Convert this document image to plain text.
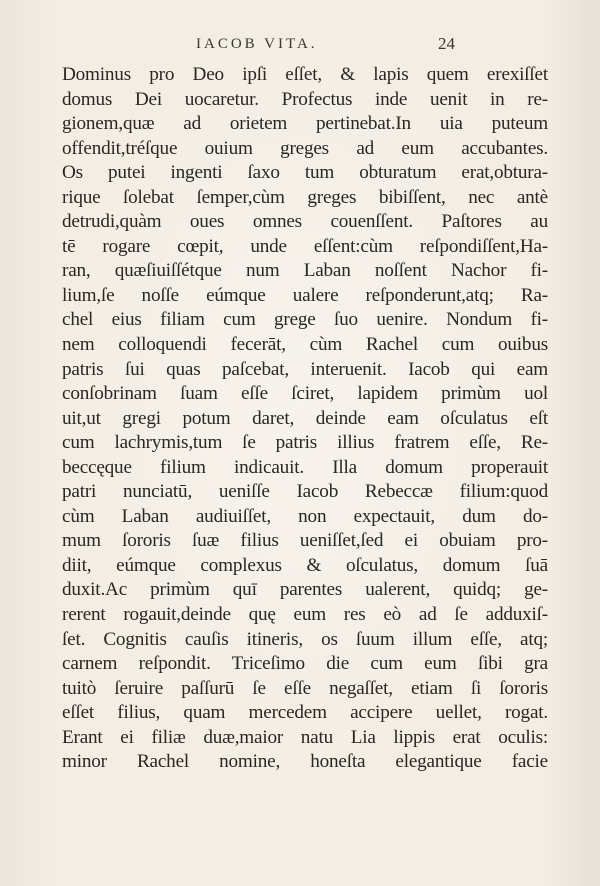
IACOB VITA.	24
Dominus pro Deo ipſi eſſet, & lapis quem erexiſſet
domus Dei uocaretur. Profectus inde uenit in re-
gionem,quæ ad orietem pertinebat.In uia puteum
offendit,tréſque ouium greges ad eum accubantes.
Os putei ingenti ſaxo tum obturatum erat,obtura-
rique ſolebat ſemper,cùm greges bibiſſent, nec antè
detrudi,quàm oues omnes couenſſent. Paſtores au
tē rogare cœpit, unde eſſent:cùm reſpondiſſent,Ha-
ran, quæſiuiſſétque num Laban noſſent Nachor fi-
lium,ſe noſſe eúmque ualere reſponderunt,atq; Ra-
chel eius filiam cum grege ſuo uenire. Nondum fi-
nem colloquendi fecerāt, cùm Rachel cum ouibus
patris ſui quas paſcebat, interuenit. Iacob qui eam
conſobrinam ſuam eſſe ſciret, lapidem primùm uol
uit,ut gregi potum daret, deinde eam oſculatus eſt
cum lachrymis,tum ſe patris illius fratrem eſſe, Re-
beccęque filium indicauit. Illa domum properauit
patri nunciatū, ueniſſe Iacob Rebeccæ filium:quod
cùm Laban audiuiſſet, non expectauit, dum do-
mum ſororis ſuæ filius ueniſſet,ſed ei obuiam pro-
diit, eúmque complexus & oſculatus, domum ſuā
duxit.Ac primùm quī parentes ualerent, quidq; ge-
rerent rogauit,deinde quę eum res eò ad ſe adduxiſ-
ſet. Cognitis cauſis itineris, os ſuum illum eſſe, atq;
carnem reſpondit. Triceſimo die cum eum ſibi gra
tuitò ſeruire paſſurū ſe eſſe negaſſet, etiam ſi ſororis
eſſet filius, quam mercedem accipere uellet, rogat.
Erant ei filiæ duæ,maior natu Lia lippis erat oculis:
minor Rachel nomine, honeſta elegantique facie
